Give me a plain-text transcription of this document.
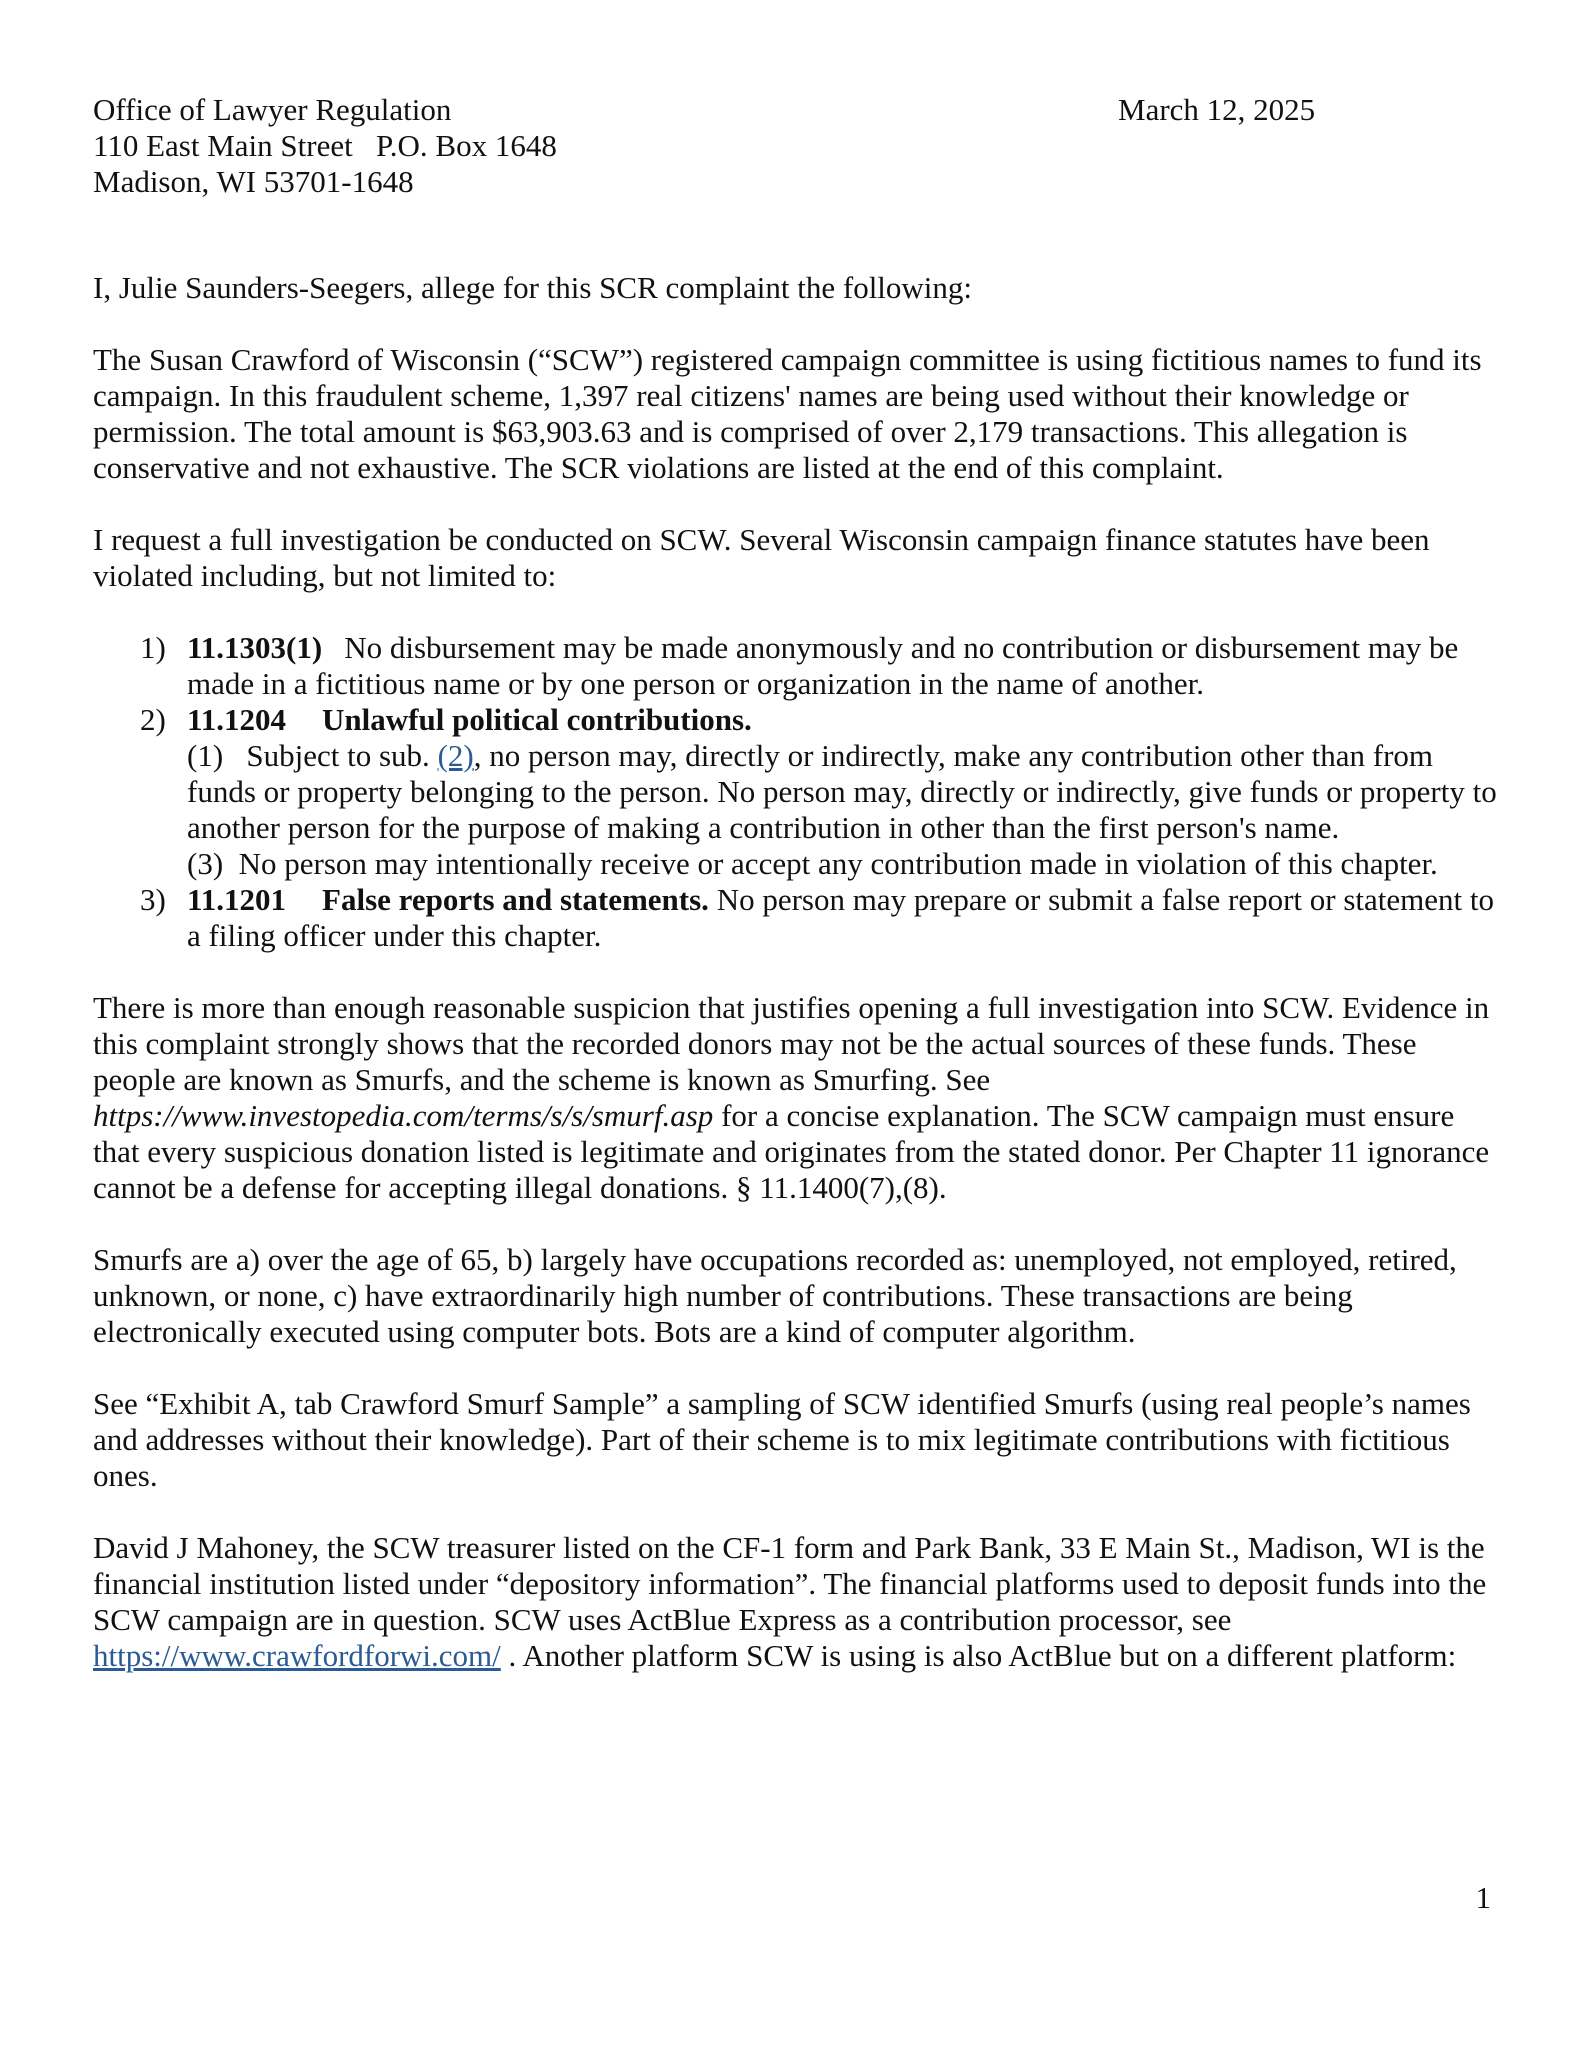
Office of Lawyer Regulation
110 East Main Street   P.O. Box 1648
Madison, WI 53701-1648
March 12, 2025

I, Julie Saunders-Seegers, allege for this SCR complaint the following:

The Susan Crawford of Wisconsin (“SCW”) registered campaign committee is using fictitious names to fund its campaign. In this fraudulent scheme, 1,397 real citizens' names are being used without their knowledge or permission. The total amount is $63,903.63 and is comprised of over 2,179 transactions. This allegation is conservative and not exhaustive. The SCR violations are listed at the end of this complaint.

I request a full investigation be conducted on SCW. Several Wisconsin campaign finance statutes have been violated including, but not limited to:

1) 11.1303(1) No disbursement may be made anonymously and no contribution or disbursement may be made in a fictitious name or by one person or organization in the name of another.
2) 11.1204 Unlawful political contributions.
(1)   Subject to sub. (2), no person may, directly or indirectly, make any contribution other than from funds or property belonging to the person. No person may, directly or indirectly, give funds or property to another person for the purpose of making a contribution in other than the first person's name.
(3)  No person may intentionally receive or accept any contribution made in violation of this chapter.
3) 11.1201 False reports and statements. No person may prepare or submit a false report or statement to a filing officer under this chapter.

There is more than enough reasonable suspicion that justifies opening a full investigation into SCW. Evidence in this complaint strongly shows that the recorded donors may not be the actual sources of these funds. These people are known as Smurfs, and the scheme is known as Smurfing. See https://www.investopedia.com/terms/s/s/smurf.asp for a concise explanation. The SCW campaign must ensure that every suspicious donation listed is legitimate and originates from the stated donor. Per Chapter 11 ignorance cannot be a defense for accepting illegal donations. § 11.1400(7),(8).

Smurfs are a) over the age of 65, b) largely have occupations recorded as: unemployed, not employed, retired, unknown, or none, c) have extraordinarily high number of contributions. These transactions are being electronically executed using computer bots. Bots are a kind of computer algorithm.

See “Exhibit A, tab Crawford Smurf Sample” a sampling of SCW identified Smurfs (using real people’s names and addresses without their knowledge). Part of their scheme is to mix legitimate contributions with fictitious ones.

David J Mahoney, the SCW treasurer listed on the CF-1 form and Park Bank, 33 E Main St., Madison, WI is the financial institution listed under “depository information”. The financial platforms used to deposit funds into the SCW campaign are in question. SCW uses ActBlue Express as a contribution processor, see https://www.crawfordforwi.com/ . Another platform SCW is using is also ActBlue but on a different platform:

1
